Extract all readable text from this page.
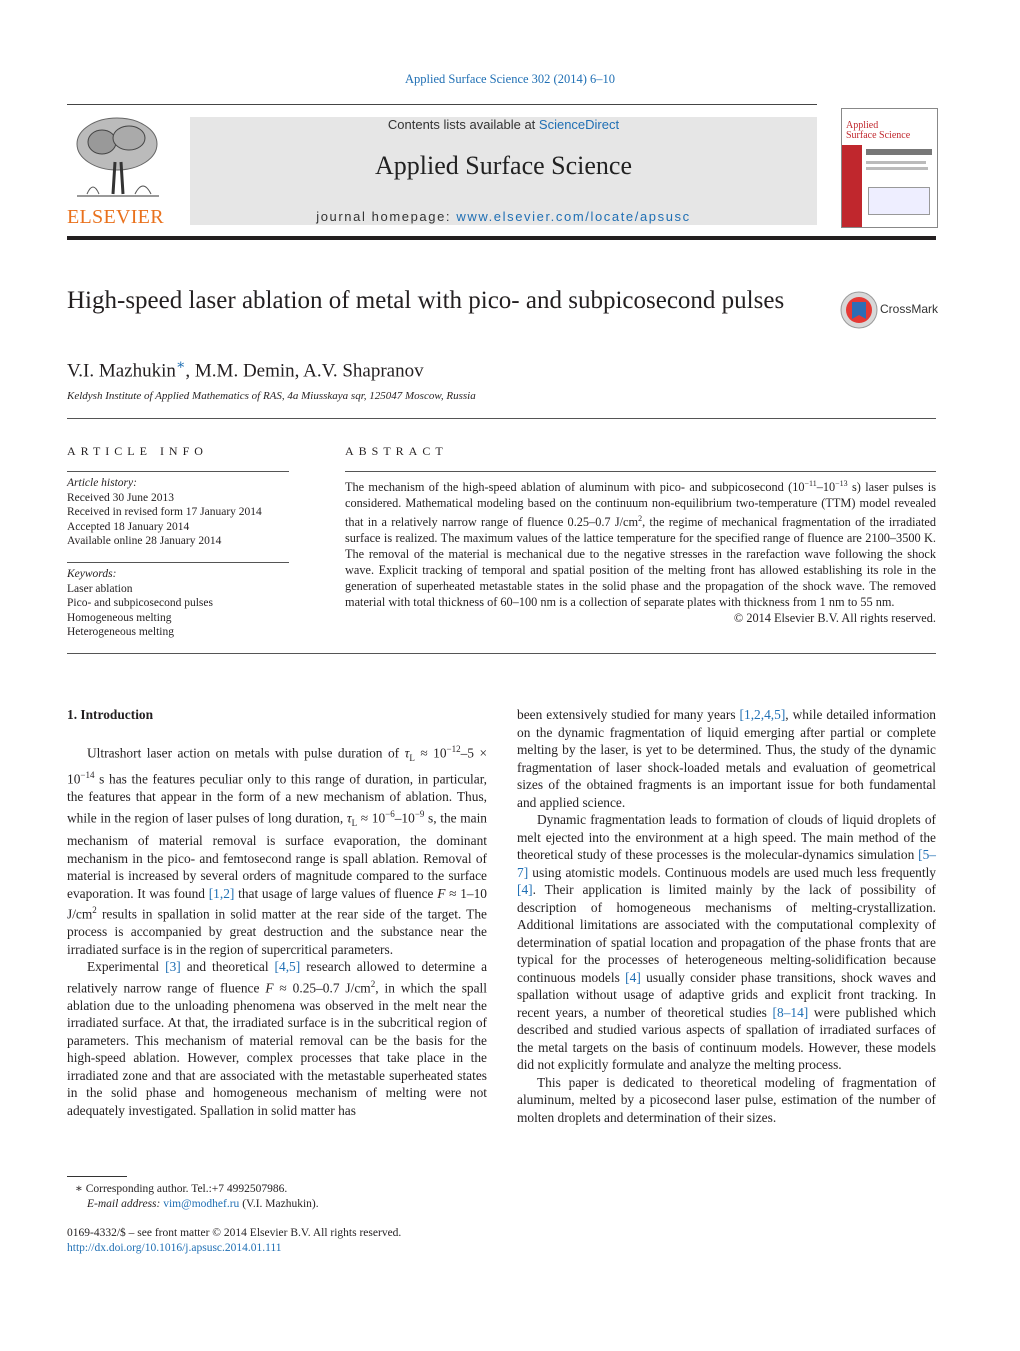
Applied Surface Science 302 (2014) 6–10
ELSEVIER
Contents lists available at ScienceDirect
Applied Surface Science
journal homepage: www.elsevier.com/locate/apsusc
Applied
Surface Science
High-speed laser ablation of metal with pico- and subpicosecond pulses	CrossMark
V.I. Mazhukin∗, M.M. Demin, A.V. Shapranov
Keldysh Institute of Applied Mathematics of RAS, 4a Miusskaya sqr, 125047 Moscow, Russia
ARTICLE INFO
Article history:
Received 30 June 2013
Received in revised form 17 January 2014
Accepted 18 January 2014
Available online 28 January 2014
Keywords:
Laser ablation
Pico- and subpicosecond pulses
Homogeneous melting
Heterogeneous melting
ABSTRACT
The mechanism of the high-speed ablation of aluminum with pico- and subpicosecond ($10^{-11}-10^{-13}$ s) laser pulses is considered. Mathematical modeling based on the continuum non-equilibrium two-temperature (TTM) model revealed that in a relatively narrow range of fluence 0.25–0.7 $J/cm^2$, the regime of mechanical fragmentation of the irradiated surface is realized. The maximum values of the lattice temperature for the specified range of fluence are 2100–3500 K. The removal of the material is mechanical due to the negative stresses in the rarefaction wave following the shock wave. Explicit tracking of temporal and spatial position of the melting front has allowed establishing its role in the generation of superheated metastable states in the solid phase and the propagation of the shock wave. The removed material with total thickness of 60–100 nm is a collection of separate plates with thickness from 1 nm to 55 nm.
© 2014 Elsevier B.V. All rights reserved.

1. Introduction

Ultrashort laser action on metals with pulse duration of $\tau_L \approx 10^{-12}-5 \times 10^{-14}$ s has the features peculiar only to this range of duration, in particular, the features that appear in the form of a new mechanism of ablation. Thus, while in the region of laser pulses of long duration, $\tau_L \approx 10^{-6}-10^{-9}$ s, the main mechanism of material removal is surface evaporation, the dominant mechanism in the pico- and femtosecond range is spall ablation. Removal of material is increased by several orders of magnitude compared to the surface evaporation. It was found [1,2] that usage of large values of fluence F ≈ 1–10 $J/cm^2$ results in spallation in solid matter at the rear side of the target. The process is accompanied by great destruction and the substance near the irradiated surface is in the region of supercritical parameters.

Experimental [3] and theoretical [4,5] research allowed to determine a relatively narrow range of fluence F ≈ 0.25–0.7 $J/cm^2$, in which the spall ablation due to the unloading phenomena was observed in the melt near the irradiated surface. At that, the irradiated surface is in the subcritical region of parameters. This mechanism of material removal can be the basis for the high-speed ablation. However, complex processes that take place in the irradiated zone and that are associated with the metastable superheated states in the solid phase and homogeneous mechanism of melting were not adequately investigated. Spallation in solid matter has

been extensively studied for many years [1,2,4,5], while detailed information on the dynamic fragmentation of liquid emerging after partial or complete melting by the laser, is yet to be determined. Thus, the study of the dynamic fragmentation of laser shock-loaded metals and evaluation of geometrical sizes of the obtained fragments is an important issue for both fundamental and applied science.

Dynamic fragmentation leads to formation of clouds of liquid droplets of melt ejected into the environment at a high speed. The main method of the theoretical study of these processes is the molecular-dynamics simulation [5–7] using atomistic models. Continuous models are used much less frequently [4]. Their application is limited mainly by the lack of possibility of description of homogeneous mechanisms of melting-crystallization. Additional limitations are associated with the computational complexity of determination of spatial location and propagation of the phase fronts that are typical for the processes of heterogeneous melting-solidification because continuous models [4] usually consider phase transitions, shock waves and spallation without usage of adaptive grids and explicit front tracking. In recent years, a number of theoretical studies [8–14] were published which described and studied various aspects of spallation of irradiated surfaces of the metal targets on the basis of continuum models. However, these models did not explicitly formulate and analyze the melting process.

This paper is dedicated to theoretical modeling of fragmentation of aluminum, melted by a picosecond laser pulse, estimation of the number of molten droplets and determination of their sizes.

∗ Corresponding author. Tel.:+7 4992507986.
E-mail address: vim@modhef.ru (V.I. Mazhukin).
0169-4332/$ – see front matter © 2014 Elsevier B.V. All rights reserved.
http://dx.doi.org/10.1016/j.apsusc.2014.01.111
